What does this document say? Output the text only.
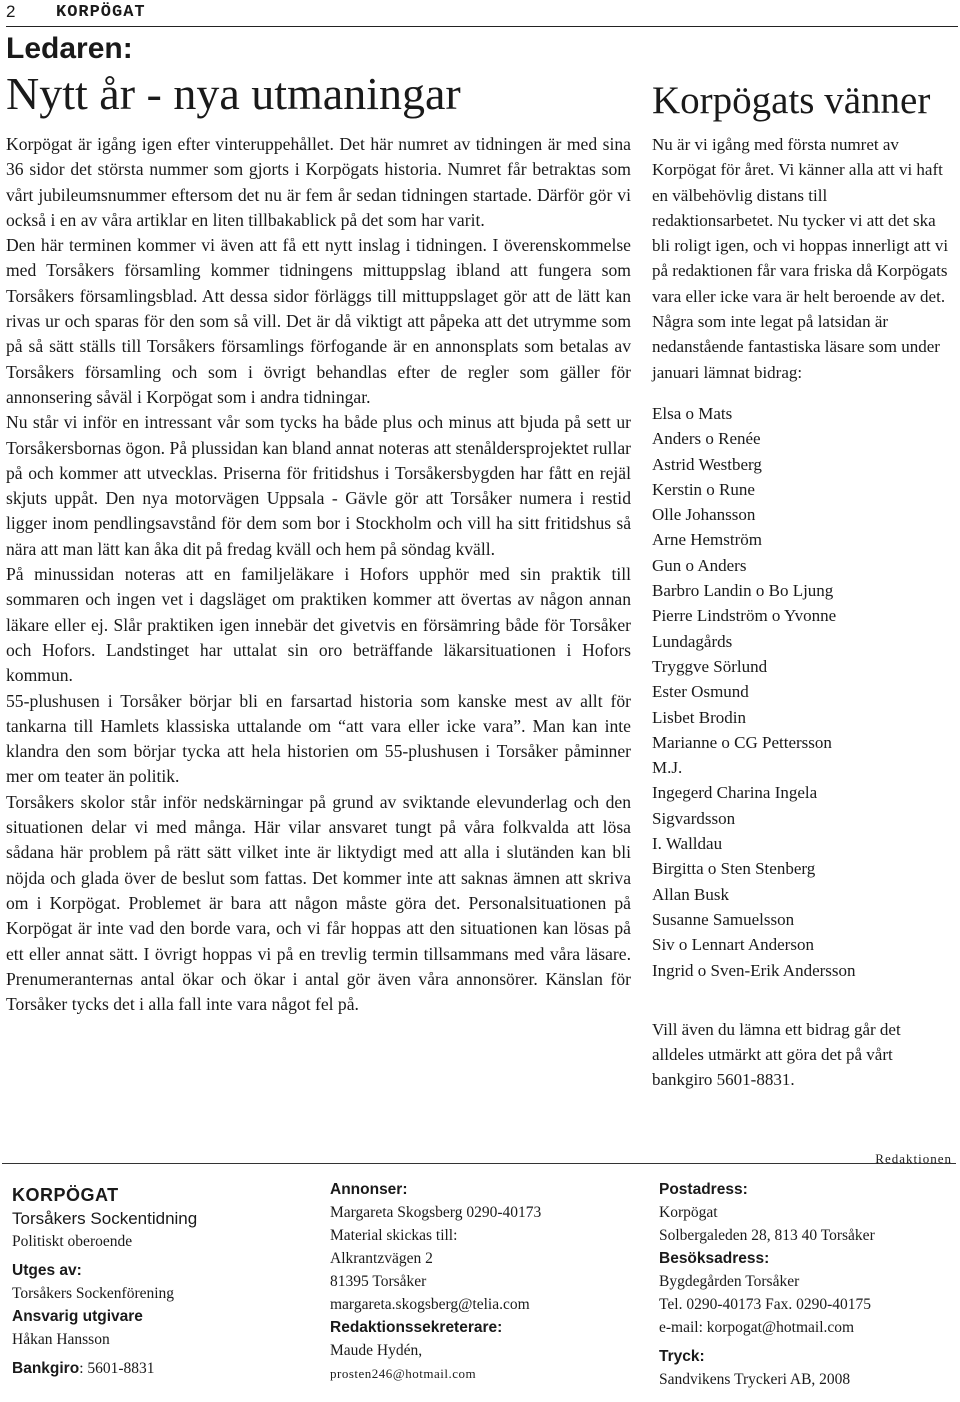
2 KORPÖGAT
Ledaren:
Nytt år - nya utmaningar

Korpögat är igång igen efter vinteruppehållet. Det här numret av tidningen är med sina 36 sidor det största nummer som gjorts i Korpögats historia. Numret får betraktas som vårt jubileumsnummer eftersom det nu är fem år sedan tidningen startade. Därför gör vi också i en av våra artiklar en liten tillbakablick på det som har varit.

Den här terminen kommer vi även att få ett nytt inslag i tidningen. I överenskommelse med Torsåkers församling kommer tidningens mittuppslag ibland att fungera som Torsåkers församlingsblad. Att dessa sidor förläggs till mittuppslaget gör att de lätt kan rivas ur och sparas för den som så vill. Det är då viktigt att påpeka att det utrymme som på så sätt ställs till Torsåkers församlings förfogande är en annonsplats som betalas av Torsåkers församling och som i övrigt behandlas efter de regler som gäller för annonsering såväl i Korpögat som i andra tidningar.

Nu står vi inför en intressant vår som tycks ha både plus och minus att bjuda på sett ur Torsåkersbornas ögon. På plussidan kan bland annat noteras att stenåldersprojektet rullar på och kommer att utvecklas. Priserna för fritidshus i Torsåkersbygden har fått en rejäl skjuts uppåt. Den nya motorvägen Uppsala - Gävle gör att Torsåker numera i restid ligger inom pendlingsavstånd för dem som bor i Stockholm och vill ha sitt fritidshus så nära att man lätt kan åka dit på fredag kväll och hem på söndag kväll.

På minussidan noteras att en familjeläkare i Hofors upphör med sin praktik till sommaren och ingen vet i dagsläget om praktiken kommer att övertas av någon annan läkare eller ej. Slår praktiken igen innebär det givetvis en försämring både för Torsåker och Hofors. Landstinget har uttalat sin oro beträffande läkarsituationen i Hofors kommun.

55-plushusen i Torsåker börjar bli en farsartad historia som kanske mest av allt för tankarna till Hamlets klassiska uttalande om “att vara eller icke vara”. Man kan inte klandra den som börjar tycka att hela historien om 55-plushusen i Torsåker påminner mer om teater än politik.

Torsåkers skolor står inför nedskärningar på grund av sviktande elevunderlag och den situationen delar vi med många. Här vilar ansvaret tungt på våra folkvalda att lösa sådana här problem på rätt sätt vilket inte är liktydigt med att alla i slutänden kan bli nöjda och glada över de beslut som fattas. Det kommer inte att saknas ämnen att skriva om i Korpögat. Problemet är bara att någon måste göra det. Personalsituationen på Korpögat är inte vad den borde vara, och vi får hoppas att den situationen kan lösas på ett eller annat sätt. I övrigt hoppas vi på en trevlig termin tillsammans med våra läsare. Prenumeranternas antal ökar och ökar i antal gör även våra annonsörer. Känslan för Torsåker tycks det i alla fall inte vara något fel på.

Korpögats vänner

Nu är vi igång med första numret av Korpögat för året. Vi känner alla att vi haft en välbehövlig distans till redaktionsarbetet. Nu tycker vi att det ska bli roligt igen, och vi hoppas innerligt att vi på redaktionen får vara friska då Korpögats vara eller icke vara är helt beroende av det. Några som inte legat på latsidan är nedanstående fantastiska läsare som under januari lämnat bidrag:

Elsa o Mats
Anders o Renée
Astrid Westberg
Kerstin o Rune
Olle Johansson
Arne Hemström
Gun o Anders
Barbro Landin o Bo Ljung
Pierre Lindström o Yvonne
Lundagårds
Tryggve Sörlund
Ester Osmund
Lisbet Brodin
Marianne o CG Pettersson
M.J.
Ingegerd Charina Ingela
Sigvardsson
I. Walldau
Birgitta o Sten Stenberg
Allan Busk
Susanne Samuelsson
Siv o Lennart Anderson
Ingrid o Sven-Erik Andersson

Vill även du lämna ett bidrag går det alldeles utmärkt att göra det på vårt bankgiro 5601-8831.

Redaktionen
KORPÖGAT
Torsåkers Sockentidning
Politiskt oberoende
Utges av:
Torsåkers Sockenförening
Ansvarig utgivare
Håkan Hansson
Bankgiro: 5601-8831
Annonser:
Margareta Skogsberg 0290-40173
Material skickas till:
Alkrantzvägen 2
81395 Torsåker
margareta.skogsberg@telia.com
Redaktionssekreterare:
Maude Hydén,
prosten246@hotmail.com
Postadress:
Korpögat
Solbergaleden 28, 813 40 Torsåker
Besöksadress:
Bygdegården Torsåker
Tel. 0290-40173 Fax. 0290-40175
e-mail: korpogat@hotmail.com
Tryck:
Sandvikens Tryckeri AB, 2008
